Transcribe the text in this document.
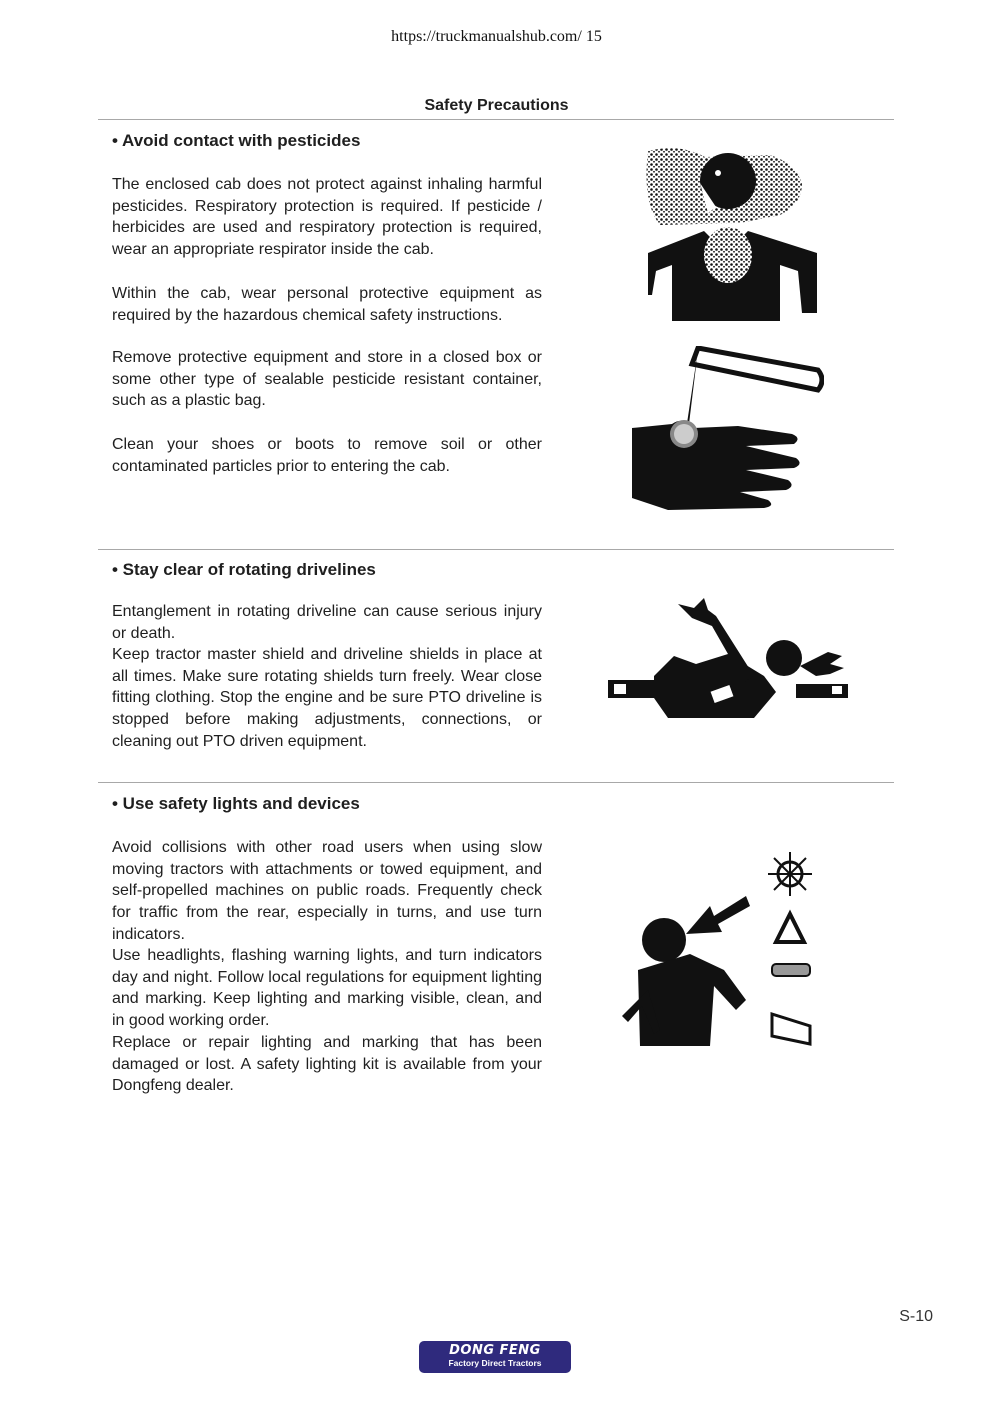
https://truckmanualshub.com/ 15
Safety Precautions
• Avoid contact with pesticides

The enclosed cab does not protect against inhaling harmful pesticides. Respiratory protection is required. If pesticide / herbicides are used and respiratory protection is required, wear an appropriate respirator inside the cab.

Within the cab, wear personal protective equipment as required by the hazardous chemical safety instructions.

Remove protective equipment and store in a closed box or some other type of sealable pesticide resistant container, such as a plastic bag.

Clean your shoes or boots to remove soil or other contaminated particles prior to entering the cab.

• Stay clear of rotating drivelines

Entanglement in rotating driveline can cause serious injury or death.

Keep tractor master shield and driveline shields in place at all times. Make sure rotating shields turn freely. Wear close fitting clothing. Stop the engine and be sure PTO driveline is stopped before making adjustments, connections, or cleaning out PTO driven equipment.

• Use safety lights and devices

Avoid collisions with other road users when using slow moving tractors with attachments or towed equipment, and self-propelled machines on public roads. Frequently check for traffic from the rear, especially in turns, and use turn indicators.

Use headlights, flashing warning lights, and turn indicators day and night. Follow local regulations for equipment lighting and marking. Keep lighting and marking visible, clean, and in good working order.

Replace or repair lighting and marking that has been damaged or lost. A safety lighting kit is available from your Dongfeng dealer.

S-10
DONG FENG
Factory Direct Tractors
